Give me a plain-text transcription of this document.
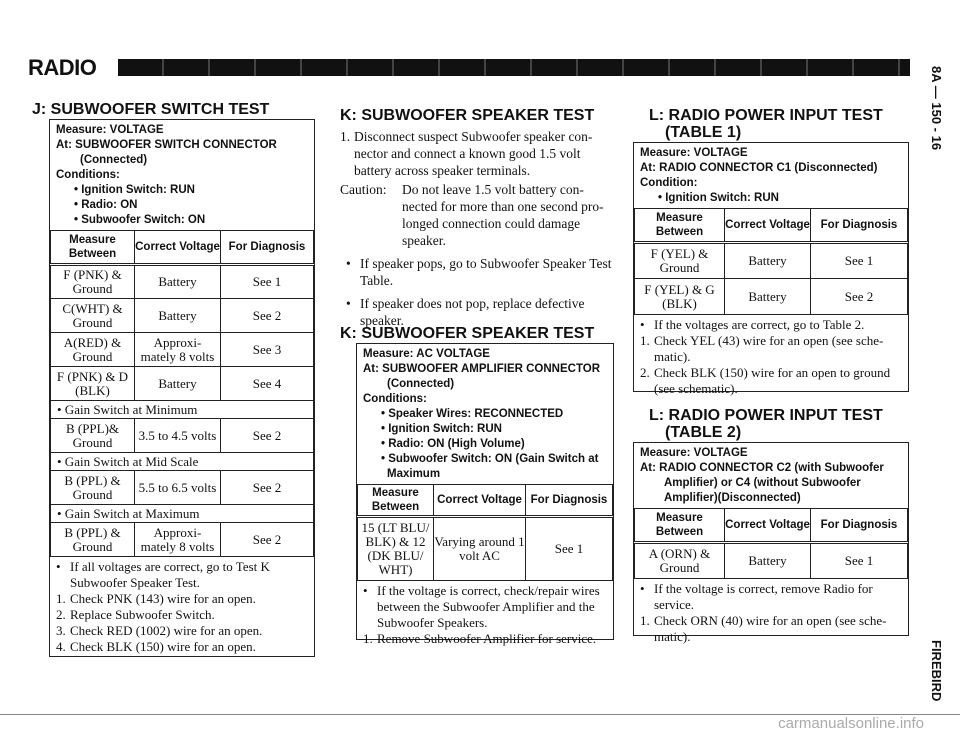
RADIO	8A — 150 - 16
FIREBIRD
carmanualsonline.info
J: SUBWOOFER SWITCH TEST
Measure: VOLTAGE
At: SUBWOOFER SWITCH CONNECTOR
(Connected)
Conditions:
• Ignition Switch: RUN
• Radio: ON
• Subwoofer Switch: ON
Measure Between	Correct Voltage	For Diagnosis
F (PNK) & Ground	Battery	See 1
C(WHT) & Ground	Battery	See 2
A(RED) & Ground	Approxi- mately 8 volts	See 3
F (PNK) & D (BLK)	Battery	See 4
• Gain Switch at Minimum		
B (PPL)& Ground	3.5 to 4.5 volts	See 2
• Gain Switch at Mid Scale		
B (PPL) & Ground	5.5 to 6.5 volts	See 2
• Gain Switch at Maximum		
B (PPL) & Ground	Approxi- mately 8 volts	See 2
• If all voltages are correct, go to Test K Subwoofer Speaker Test.
1. Check PNK (143) wire for an open.
2. Replace Subwoofer Switch.
3. Check RED (1002) wire for an open.
4. Check BLK (150) wire for an open.
K: SUBWOOFER SPEAKER TEST
1. Disconnect suspect Subwoofer speaker con- nector and connect a known good 1.5 volt battery across speaker terminals.
Caution:	Do not leave 1.5 volt battery con- nected for more than one second pro- longed connection could damage speaker.
• If speaker pops, go to Subwoofer Speaker Test Table.
• If speaker does not pop, replace defective speaker.
K: SUBWOOFER SPEAKER TEST
Measure: AC VOLTAGE
At: SUBWOOFER AMPLIFIER CONNECTOR
(Connected)
Conditions:
• Speaker Wires: RECONNECTED
• Ignition Switch: RUN
• Radio: ON (High Volume)
• Subwoofer Switch: ON (Gain Switch at
Maximum
Measure Between	Correct Voltage	For Diagnosis
15 (LT BLU/ BLK) & 12 (DK BLU/ WHT)	Varying around 1 volt AC	See 1
• If the voltage is correct, check/repair wires between the Subwoofer Amplifier and the Subwoofer Speakers.
1. Remove Subwoofer Amplifier for service.
L: RADIO POWER INPUT TEST
(TABLE 1)
Measure: VOLTAGE
At: RADIO CONNECTOR C1 (Disconnected)
Condition:
• Ignition Switch: RUN
Measure Between	Correct Voltage	For Diagnosis
F (YEL) & Ground	Battery	See 1
F (YEL) & G (BLK)	Battery	See 2
• If the voltages are correct, go to Table 2.
1. Check YEL (43) wire for an open (see sche- matic).
2. Check BLK (150) wire for an open to ground (see schematic).
L: RADIO POWER INPUT TEST
(TABLE 2)
Measure: VOLTAGE
At: RADIO CONNECTOR C2 (with Subwoofer
Amplifier) or C4 (without Subwoofer
Amplifier)(Disconnected)
Measure Between	Correct Voltage	For Diagnosis
A (ORN) & Ground	Battery	See 1
• If the voltage is correct, remove Radio for service.
1. Check ORN (40) wire for an open (see sche- matic).
